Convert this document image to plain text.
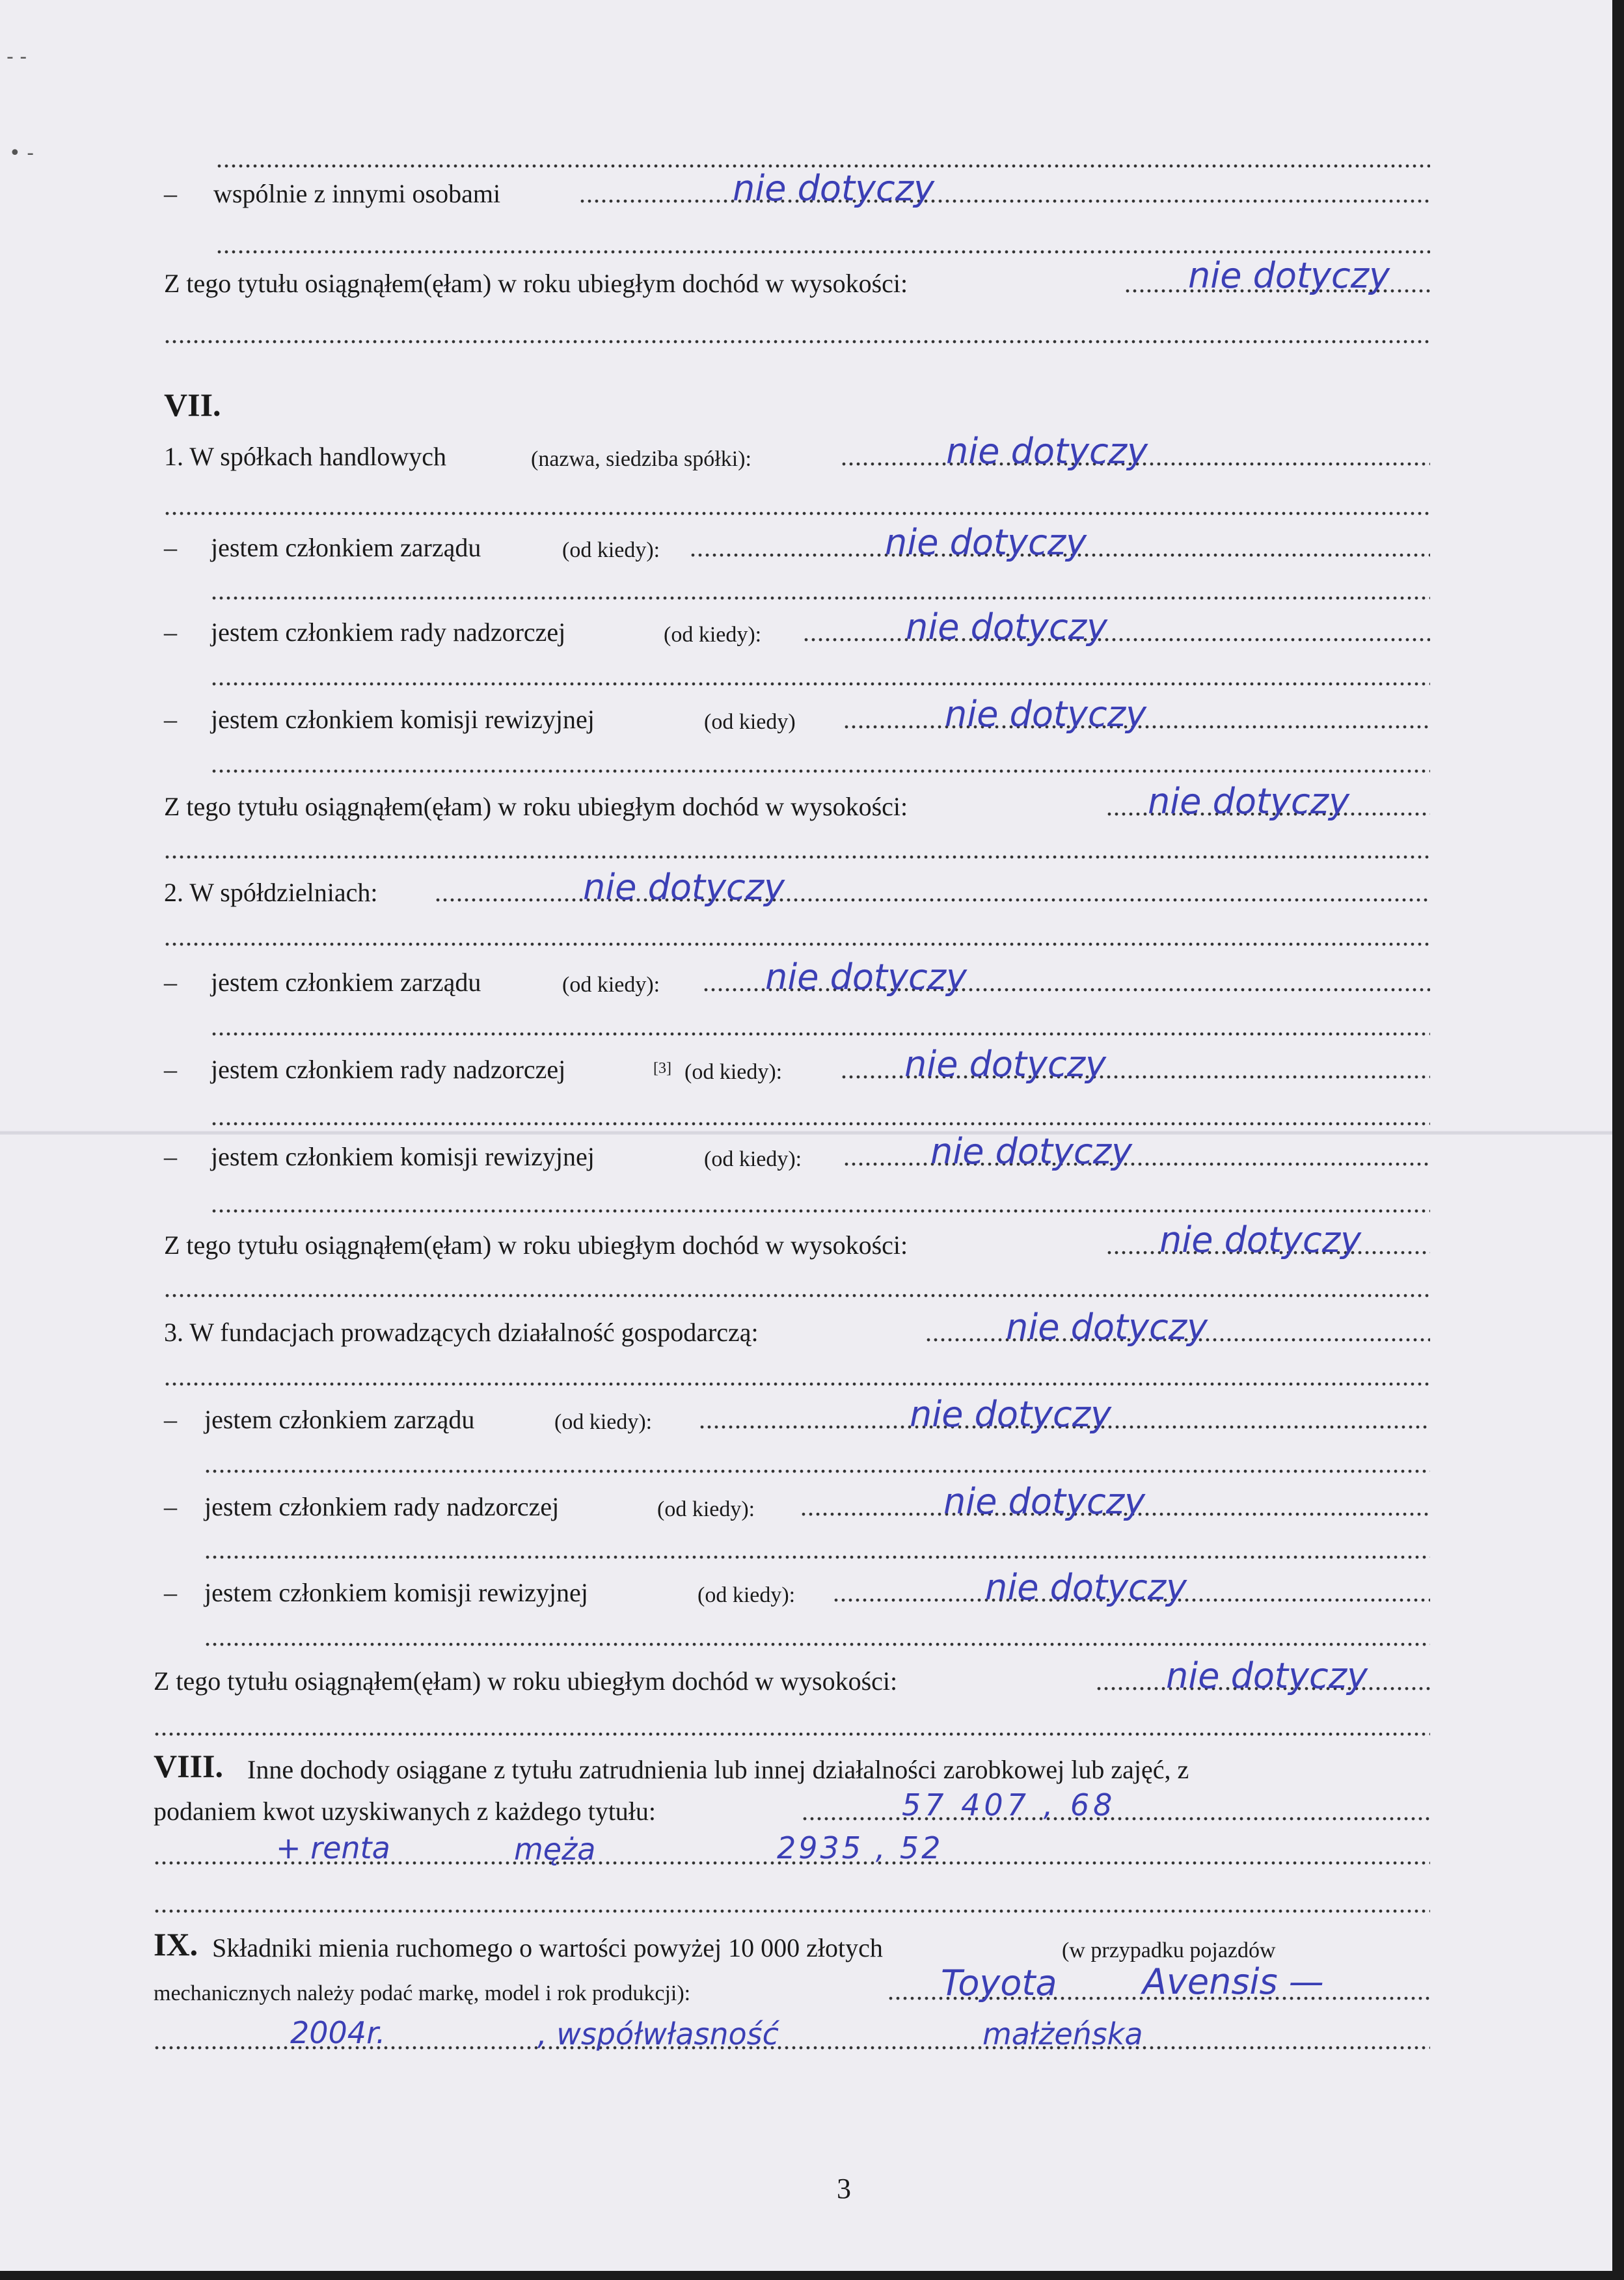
- -
• -
.....
– wspólnie z innymi osobami .....	nie dotyczy
.....
Z tego tytułu osiągnąłem(ęłam) w roku ubiegłym dochód w wysokości: .....	nie dotyczy
.....
VII.
1. W spółkach handlowych	(nazwa, siedziba spółki): .....	nie dotyczy
.....
– jestem członkiem zarządu	(od kiedy): .....	nie dotyczy
.....
– jestem członkiem rady nadzorczej	(od kiedy): .....	nie dotyczy
.....
– jestem członkiem komisji rewizyjnej	(od kiedy) .....	nie dotyczy
.....
Z tego tytułu osiągnąłem(ęłam) w roku ubiegłym dochód w wysokości: .....	nie dotyczy
.....
2. W spółdzielniach: .....	nie dotyczy
.....
– jestem członkiem zarządu	(od kiedy): .....	nie dotyczy
.....
– jestem członkiem rady nadzorczej	[3] (od kiedy): .....	nie dotyczy
.....
– jestem członkiem komisji rewizyjnej	(od kiedy): .....	nie dotyczy
.....
Z tego tytułu osiągnąłem(ęłam) w roku ubiegłym dochód w wysokości: .....	nie dotyczy
.....
3. W fundacjach prowadzących działalność gospodarczą: .....	nie dotyczy
.....
– jestem członkiem zarządu	(od kiedy): .....	nie dotyczy
.....
– jestem członkiem rady nadzorczej	(od kiedy): .....	nie dotyczy
.....
– jestem członkiem komisji rewizyjnej	(od kiedy): .....	nie dotyczy
.....
Z tego tytułu osiągnąłem(ęłam) w roku ubiegłym dochód w wysokości: .....	nie dotyczy
.....
VIII. Inne dochody osiągane z tytułu zatrudnienia lub innej działalności zarobkowej lub zajęć, z
podaniem kwot uzyskiwanych z każdego tytułu: .....	57 407 , 68
.....
+ renta	męża	2935 , 52
.....
IX. Składniki mienia ruchomego o wartości powyżej 10 000 złotych	(w przypadku pojazdów
mechanicznych należy podać markę, model i rok produkcji): .....	Toyota Avensis —
.....
2004r.	, współwłasność	małżeńska
3
